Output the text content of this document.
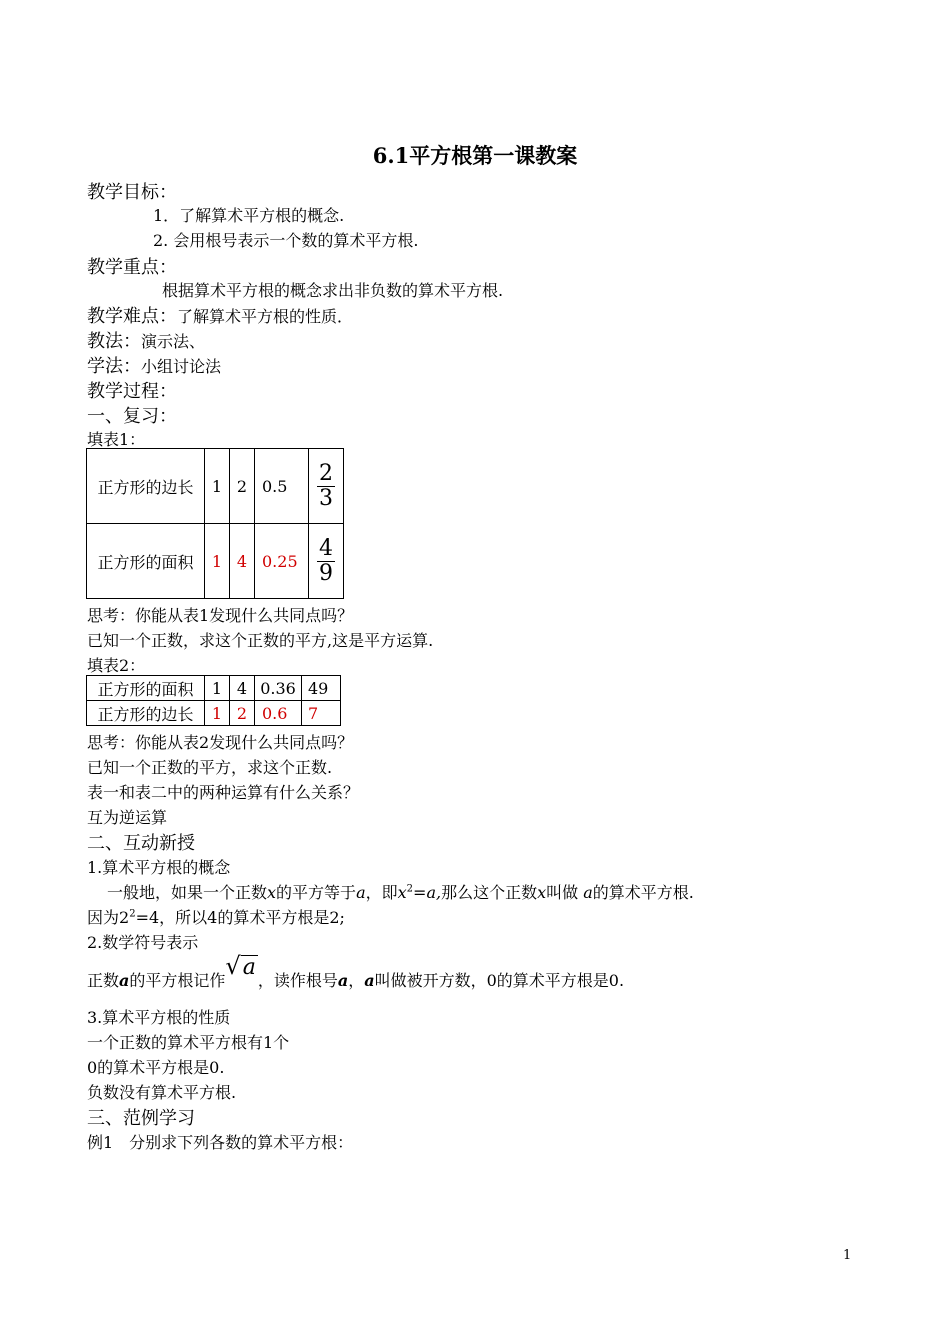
6.1平方根第一课教案
教学目标：
1．了解算术平方根的概念.
2. 会用根号表示一个数的算术平方根.
教学重点：
根据算术平方根的概念求出非负数的算术平方根.
教学难点：了解算术平方根的性质．
教法：演示法、
学法：小组讨论法
教学过程：
一、复习：
填表1：
正方形的边长	1	2	0.5	$\frac{2}{3}$

正方形的面积	1	4	0.25	$\frac{4}{9}$
思考：你能从表1发现什么共同点吗？
已知一个正数，求这个正数的平方,这是平方运算.
填表2：
正方形的面积	1	4	0.36	49
正方形的边长	1	2	0.6	7
思考：你能从表2发现什么共同点吗？
已知一个正数的平方，求这个正数.
表一和表二中的两种运算有什么关系？
互为逆运算
二、互动新授
1.算术平方根的概念
一般地，如果一个正数x的平方等于a，即$x^2=a$,那么这个正数x叫做 a的算术平方根.
因为$2^2=4$，所以4的算术平方根是2;
2.数学符号表示
正数a的平方根记作√a，读作根号a，a叫做被开方数，0的算术平方根是0.
3.算术平方根的性质
一个正数的算术平方根有1个
0的算术平方根是0.
负数没有算术平方根.
三、范例学习
例1　分别求下列各数的算术平方根：
1
